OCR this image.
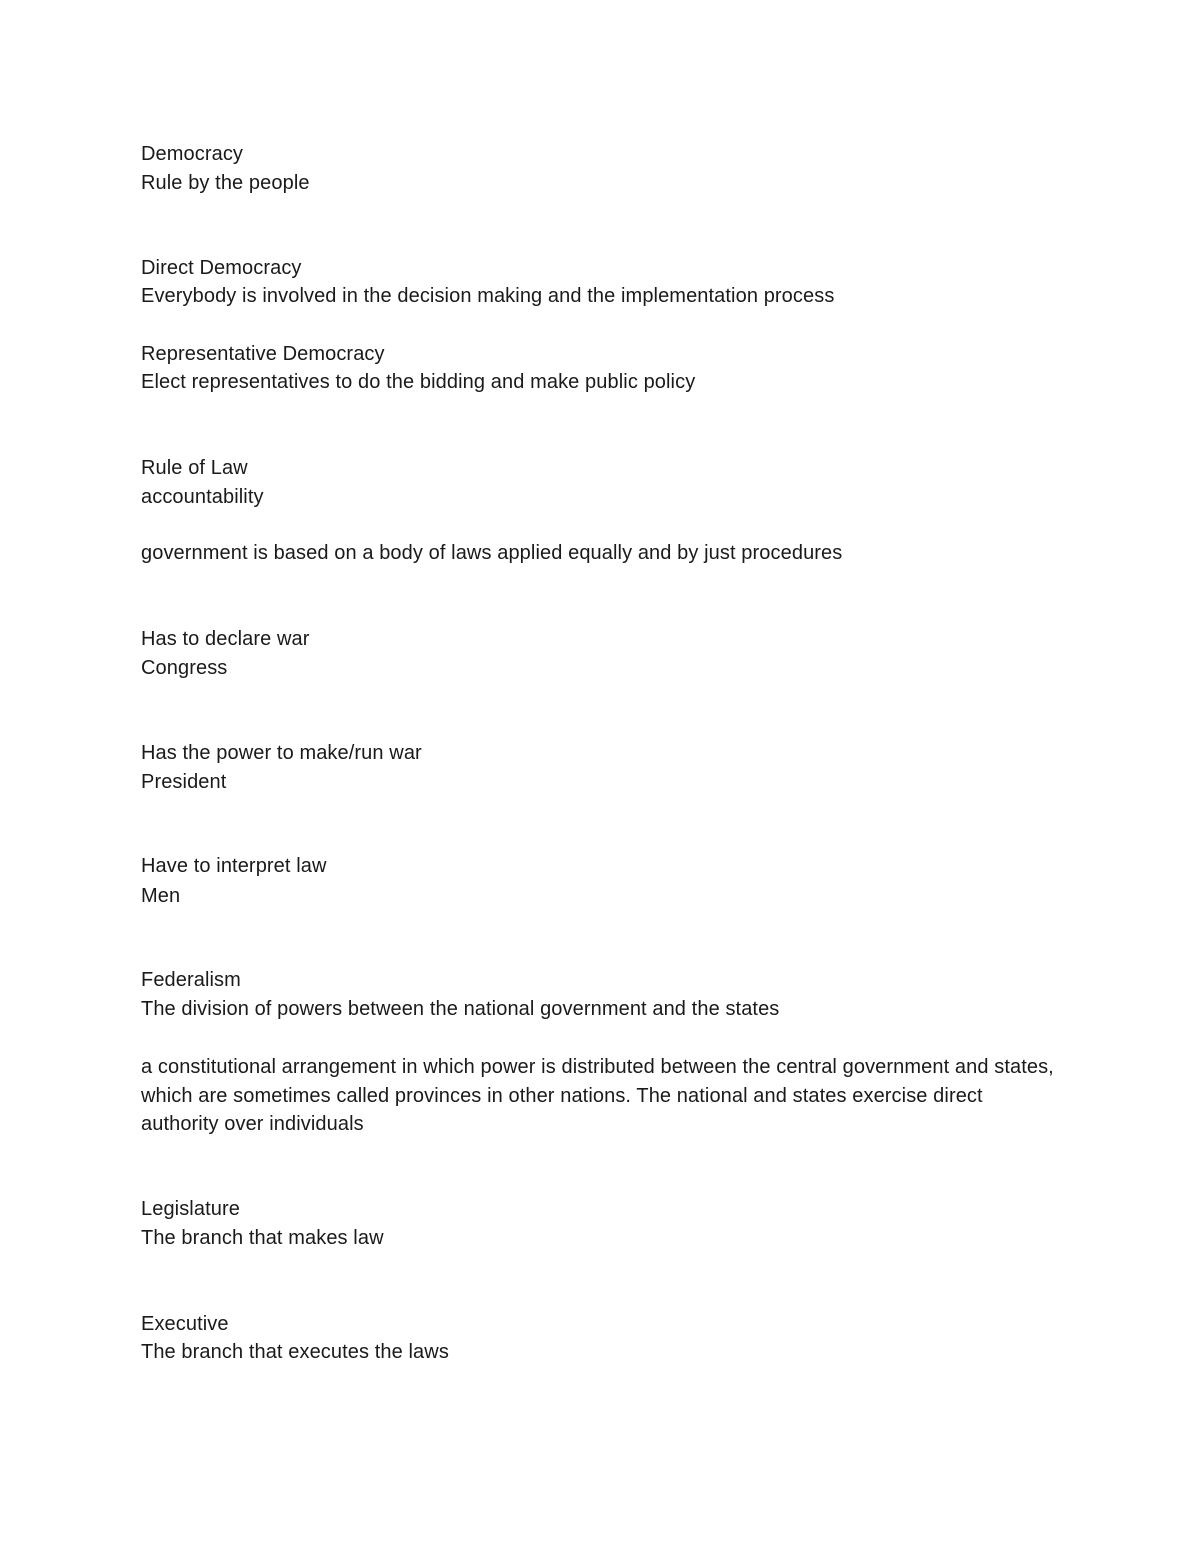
Democracy
Rule by the people
Direct Democracy
Everybody is involved in the decision making and the implementation process
Representative Democracy
Elect representatives to do the bidding and make public policy
Rule of Law
accountability
government is based on a body of laws applied equally and by just procedures
Has to declare war
Congress
Has the power to make/run war
President
Have to interpret law
Men
Federalism
The division of powers between the national government and the states
a constitutional arrangement in which power is distributed between the central government and states, which are sometimes called provinces in other nations. The national and states exercise direct authority over individuals
Legislature
The branch that makes law
Executive
The branch that executes the laws
